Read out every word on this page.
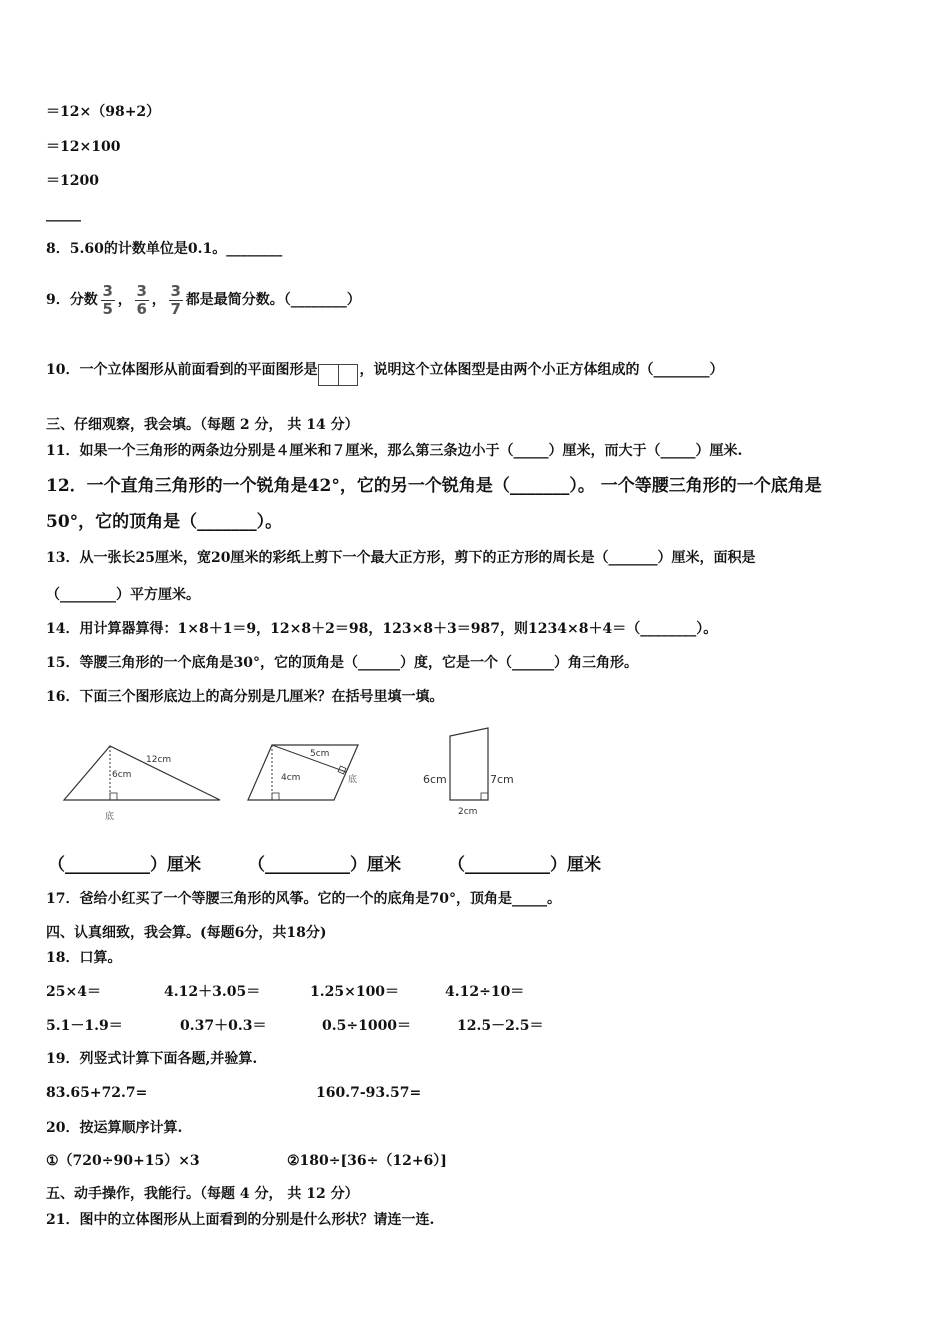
＝12×（98+2）
＝12×100
＝1200
_____
8．5.60的计数单位是0.1。________
9．分数 $\frac{3}{5}$ ， $\frac{3}{6}$ ， $\frac{3}{7}$ 都是最简分数。（________）
10．一个立体图形从前面看到的平面图形是	，说明这个立体图型是由两个小正方体组成的（________）
三、仔细观察，我会填。（每题 2 分， 共 14 分）
11．如果一个三角形的两条边分别是４厘米和７厘米，那么第三条边小于（_____）厘米，而大于（_____）厘米.
12．一个直角三角形的一个锐角是42°，它的另一个锐角是（_______）。 一个等腰三角形的一个底角是
50°，它的顶角是（_______）。
13．从一张长25厘米，宽20厘米的彩纸上剪下一个最大正方形，剪下的正方形的周长是（_______）厘米，面积是
（________）平方厘米。
14．用计算器算得：1×8＋1＝9，12×8＋2＝98，123×8＋3＝987，则1234×8＋4＝（________）。
15．等腰三角形的一个底角是30°，它的顶角是（______）度，它是一个（______）角三角形。
16．下面三个图形底边上的高分别是几厘米？在括号里填一填。
12cm
6cm
底
5cm
4cm	底	6cm	7cm
2cm
（__________）厘米	（__________）厘米	（__________）厘米
17．爸给小红买了一个等腰三角形的风筝。它的一个的底角是70°，顶角是_____。
四、认真细致，我会算。(每题6分，共18分)
18．口算。
25×4＝	4.12＋3.05＝	1.25×100＝	4.12÷10＝
5.1－1.9＝	0.37＋0.3＝	0.5÷1000＝	12.5－2.5＝
19．列竖式计算下面各题,并验算.
83.65+72.7=	160.7-93.57=
20．按运算顺序计算.
①（720÷90+15）×3	②180÷[36÷（12+6）]
五、动手操作，我能行。（每题 4 分， 共 12 分）
21．图中的立体图形从上面看到的分别是什么形状？请连一连.
